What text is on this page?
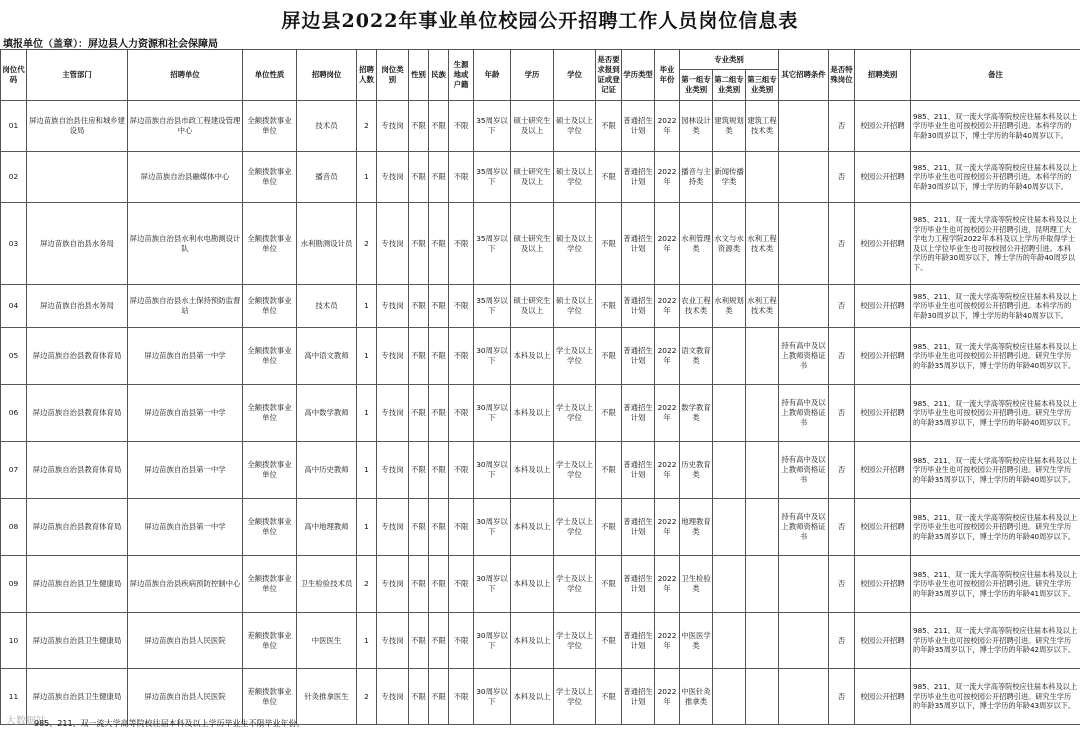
屏边县2022年事业单位校园公开招聘工作人员岗位信息表
填报单位（盖章）：屏边县人力资源和社会保障局
岗位代码	主管部门	招聘单位	单位性质	招聘岗位	招聘人数	岗位类别	性别	民族	生源地或户籍	年龄	学历	学位	是否要求报到证或登记证	学历类型	毕业年份	专业类别			其它招聘条件	是否特殊岗位	招聘类别	备注
																第一组专业类别	第二组专业类别	第三组专业类别				
01	屏边苗族自治县住房和城乡建设局	屏边苗族自治县市政工程建设管理中心	全额拨款事业单位	技术员	2	专技岗	不限	不限	不限	35周岁以下	硕士研究生及以上	硕士及以上学位	不限	普通招生计划	2022年	园林设计类	建筑规划类	建筑工程技术类		否	校园公开招聘	985、211、双一流大学高等院校应往届本科及以上学历毕业生也可按校园公开招聘引进。本科学历的年龄30周岁以下，博士学历的年龄40周岁以下。
02		屏边苗族自治县融媒体中心	全额拨款事业单位	播音员	1	专技岗	不限	不限	不限	35周岁以下	硕士研究生及以上	硕士及以上学位	不限	普通招生计划	2022年	播音与主持类	新闻传播学类			否	校园公开招聘	985、211、双一流大学高等院校应往届本科及以上学历毕业生也可按校园公开招聘引进。本科学历的年龄30周岁以下，博士学历的年龄40周岁以下。
03	屏边苗族自治县水务局	屏边苗族自治县水利水电勘测设计队	全额拨款事业单位	水利勘测设计员	2	专技岗	不限	不限	不限	35周岁以下	硕士研究生及以上	硕士及以上学位	不限	普通招生计划	2022年	水利管理类	水文与水资源类	水利工程技术类		否	校园公开招聘	985、211、双一流大学高等院校应往届本科及以上学历毕业生也可按校园公开招聘引进，昆明理工大学电力工程学院2022年本科及以上学历并取得学士及以上学位毕业生也可按校园公开招聘引进。本科学历的年龄30周岁以下，博士学历的年龄40周岁以下。
04	屏边苗族自治县水务局	屏边苗族自治县水土保持预防监督站	全额拨款事业单位	技术员	1	专技岗	不限	不限	不限	35周岁以下	硕士研究生及以上	硕士及以上学位	不限	普通招生计划	2022年	农业工程技术类	水利规划类	水利工程技术类		否	校园公开招聘	985、211、双一流大学高等院校应往届本科及以上学历毕业生也可按校园公开招聘引进。本科学历的年龄30周岁以下，博士学历的年龄40周岁以下。
05	屏边苗族自治县教育体育局	屏边苗族自治县第一中学	全额拨款事业单位	高中语文教师	1	专技岗	不限	不限	不限	30周岁以下	本科及以上	学士及以上学位	不限	普通招生计划	2022年	语文教育类			持有高中及以上教师资格证书	否	校园公开招聘	985、211、双一流大学高等院校应往届本科及以上学历毕业生也可按校园公开招聘引进。研究生学历的年龄35周岁以下，博士学历的年龄40周岁以下。
06	屏边苗族自治县教育体育局	屏边苗族自治县第一中学	全额拨款事业单位	高中数学教师	1	专技岗	不限	不限	不限	30周岁以下	本科及以上	学士及以上学位	不限	普通招生计划	2022年	数学教育类			持有高中及以上教师资格证书	否	校园公开招聘	985、211、双一流大学高等院校应往届本科及以上学历毕业生也可按校园公开招聘引进。研究生学历的年龄35周岁以下，博士学历的年龄40周岁以下。
07	屏边苗族自治县教育体育局	屏边苗族自治县第一中学	全额拨款事业单位	高中历史教师	1	专技岗	不限	不限	不限	30周岁以下	本科及以上	学士及以上学位	不限	普通招生计划	2022年	历史教育类			持有高中及以上教师资格证书	否	校园公开招聘	985、211、双一流大学高等院校应往届本科及以上学历毕业生也可按校园公开招聘引进。研究生学历的年龄35周岁以下，博士学历的年龄40周岁以下。
08	屏边苗族自治县教育体育局	屏边苗族自治县第一中学	全额拨款事业单位	高中地理教师	1	专技岗	不限	不限	不限	30周岁以下	本科及以上	学士及以上学位	不限	普通招生计划	2022年	地理教育类			持有高中及以上教师资格证书	否	校园公开招聘	985、211、双一流大学高等院校应往届本科及以上学历毕业生也可按校园公开招聘引进。研究生学历的年龄35周岁以下，博士学历的年龄40周岁以下。
09	屏边苗族自治县卫生健康局	屏边苗族自治县疾病预防控制中心	全额拨款事业单位	卫生检验技术员	2	专技岗	不限	不限	不限	30周岁以下	本科及以上	学士及以上学位	不限	普通招生计划	2022年	卫生检验类				否	校园公开招聘	985、211、双一流大学高等院校应往届本科及以上学历毕业生也可按校园公开招聘引进。研究生学历的年龄35周岁以下，博士学历的年龄41周岁以下。
10	屏边苗族自治县卫生健康局	屏边苗族自治县人民医院	差额拨款事业单位	中医医生	1	专技岗	不限	不限	不限	30周岁以下	本科及以上	学士及以上学位	不限	普通招生计划	2022年	中医医学类				否	校园公开招聘	985、211、双一流大学高等院校应往届本科及以上学历毕业生也可按校园公开招聘引进。研究生学历的年龄35周岁以下，博士学历的年龄42周岁以下。
11	屏边苗族自治县卫生健康局	屏边苗族自治县人民医院	差额拨款事业单位	针灸推拿医生	2	专技岗	不限	不限	不限	30周岁以下	本科及以上	学士及以上学位	不限	普通招生计划	2022年	中医针灸推拿类				否	校园公开招聘	985、211、双一流大学高等院校应往届本科及以上学历毕业生也可按校园公开招聘引进。研究生学历的年龄35周岁以下，博士学历的年龄43周岁以下。
大数据站
985、211、双一流大学高等院校往届本科及以上学历毕业生不限毕业年份。
